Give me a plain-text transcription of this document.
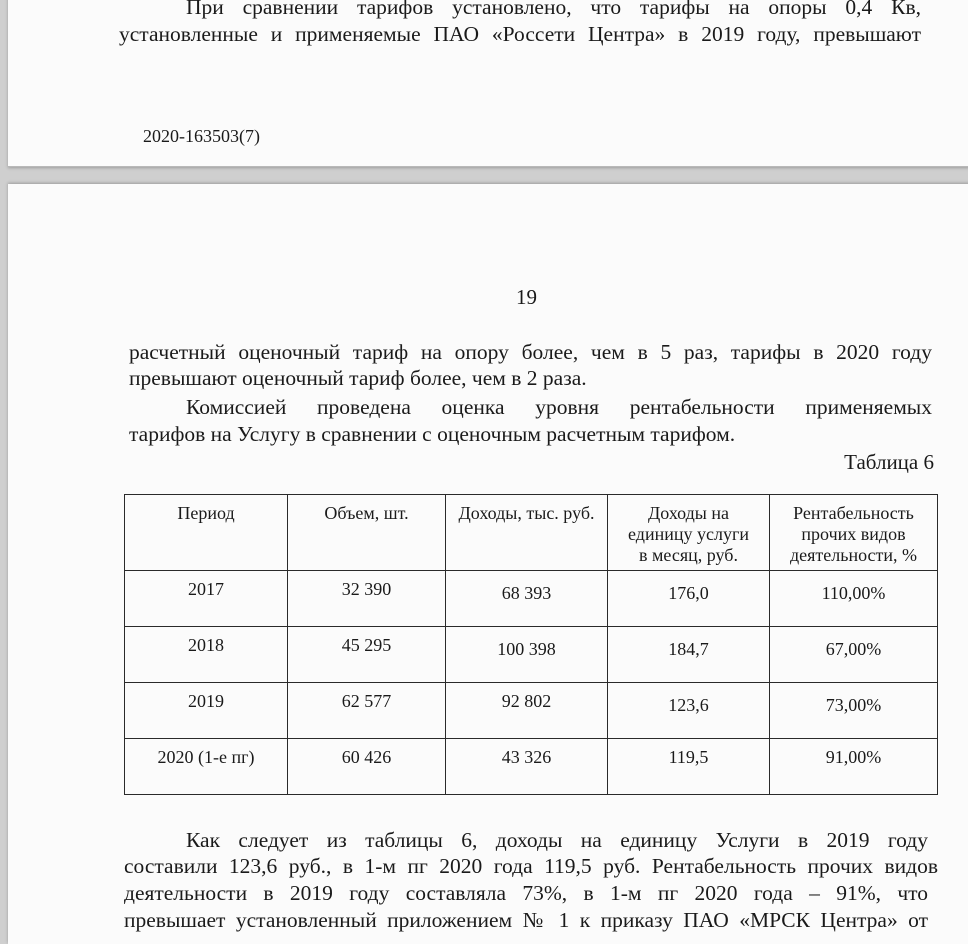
При сравнении тарифов установлено, что тарифы на опоры 0,4 Кв,
установленные и применяемые ПАО «Россети Центра» в 2019 году, превышают
2020-163503(7)
19
расчетный оценочный тариф на опору более, чем в 5 раз, тарифы в 2020 году
превышают оценочный тариф более, чем в 2 раза.
Комиссией проведена оценка уровня рентабельности применяемых
тарифов на Услугу в сравнении с оценочным расчетным тарифом.
Таблица 6
Период	Объем, шт.	Доходы, тыс. руб.	Доходы на единицу услуги в месяц, руб.	Рентабельность прочих видов деятельности, %

2017	32 390	68 393	176,0	110,00%
2018	45 295	100 398	184,7	67,00%
2019	62 577	92 802	123,6	73,00%
2020 (1-е пг)	60 426	43 326	119,5	91,00%
Как следует из таблицы 6, доходы на единицу Услуги в 2019 году
составили 123,6 руб., в 1-м пг 2020 года 119,5 руб. Рентабельность прочих видов
деятельности в 2019 году составляла 73%, в 1-м пг 2020 года – 91%, что
превышает установленный приложением № 1 к приказу ПАО «МРСК Центра» от
